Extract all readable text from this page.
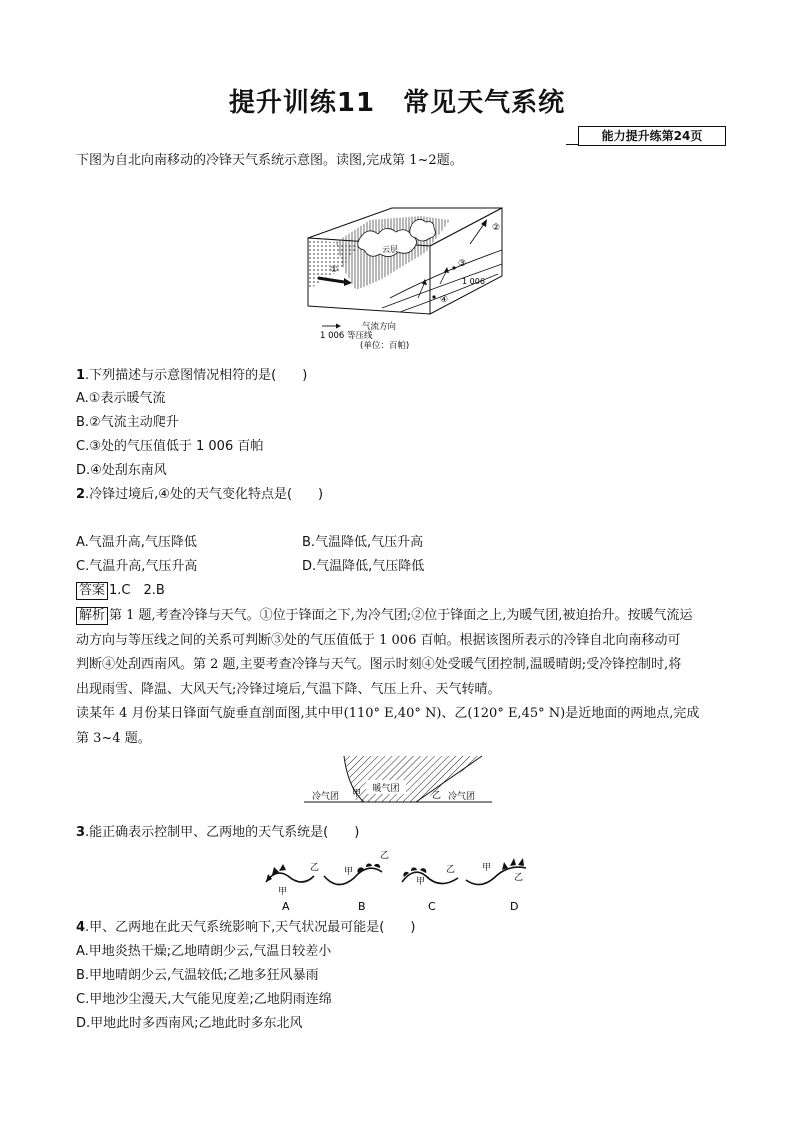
提升训练11 常见天气系统
能力提升练第24页
下图为自北向南移动的冷锋天气系统示意图。读图,完成第 1~2题。
云层
1 006
①
②
③
④
气流方向
1 006 等压线
(单位：百帕)
1.下列描述与示意图情况相符的是(　　)
A.①表示暖气流
B.②气流主动爬升
C.③处的气压值低于 1 006 百帕
D.④处刮东南风
2.冷锋过境后,④处的天气变化特点是(　　)
A.气温升高,气压降低	B.气温降低,气压升高
C.气温升高,气压升高	D.气温降低,气压降低
答案 1.C　2.B
解析 第 1 题,考查冷锋与天气。①位于锋面之下,为冷气团;②位于锋面之上,为暖气团,被迫抬升。按暖气流运
动方向与等压线之间的关系可判断③处的气压值低于 1 006 百帕。根据该图所表示的冷锋自北向南移动可
判断④处刮西南风。第 2 题,主要考查冷锋与天气。图示时刻④处受暖气团控制,温暖晴朗;受冷锋控制时,将
出现雨雪、降温、大风天气;冷锋过境后,气温下降、气压上升、天气转晴。
读某年 4 月份某日锋面气旋垂直剖面图,其中甲(110° E,40° N)、乙(120° E,45° N)是近地面的两地点,完成
第 3~4 题。
暖气团
冷气团 甲	乙 冷气团
3.能正确表示控制甲、乙两地的天气系统是(　　)
甲
乙
A
甲
乙
B
甲
乙
C
甲
乙
D
4.甲、乙两地在此天气系统影响下,天气状况最可能是(　　)
A.甲地炎热干燥;乙地晴朗少云,气温日较差小
B.甲地晴朗少云,气温较低;乙地多狂风暴雨
C.甲地沙尘漫天,大气能见度差;乙地阴雨连绵
D.甲地此时多西南风;乙地此时多东北风
